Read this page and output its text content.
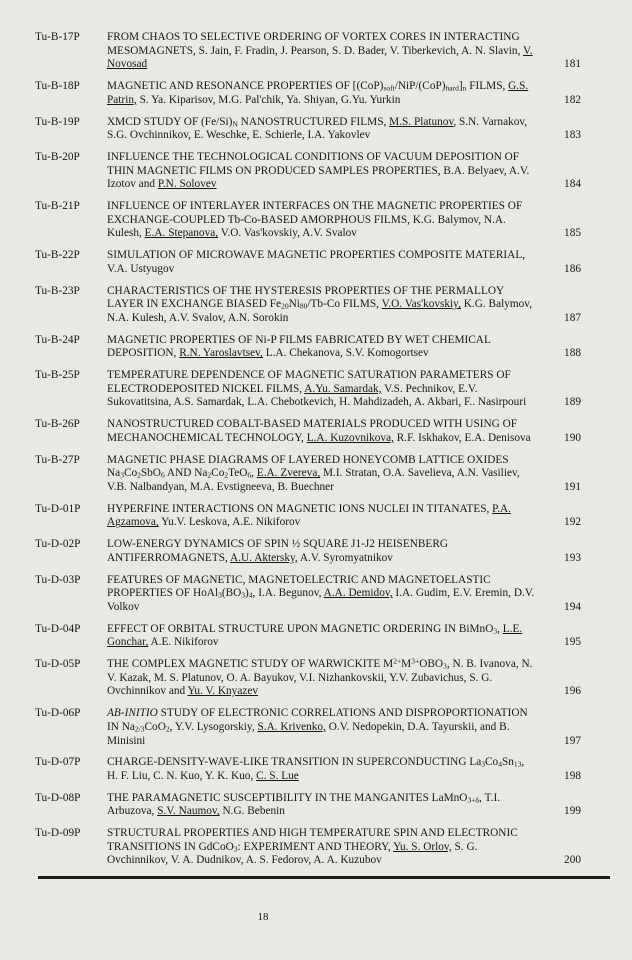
Tu-B-17P	FROM CHAOS TO SELECTIVE ORDERING OF VORTEX CORES IN INTERACTING MESOMAGNETS, S. Jain, F. Fradin, J. Pearson, S. D. Bader, V. Tiberkevich, A. N. Slavin, V. Novosad	181
Tu-B-18P	MAGNETIC AND RESONANCE PROPERTIES OF $[(CoP)_{soft}/NiP/(CoP)_{hard}]_n$ FILMS, G.S. Patrin, S. Ya. Kiparisov, M.G. Pal'chik, Ya. Shiyan, G.Yu. Yurkin	182
Tu-B-19P	XMCD STUDY OF $(Fe/Si)_N$ NANOSTRUCTURED FILMS, M.S. Platunov, S.N. Varnakov, S.G. Ovchinnikov, E. Weschke, E. Schierle, I.A. Yakovlev	183
Tu-B-20P	INFLUENCE THE TECHNOLOGICAL CONDITIONS OF VACUUM DEPOSITION OF THIN MAGNETIC FILMS ON PRODUCED SAMPLES PROPERTIES, B.A. Belyaev, A.V. Izotov and P.N. Solovev	184
Tu-B-21P	INFLUENCE OF INTERLAYER INTERFACES ON THE MAGNETIC PROPERTIES OF EXCHANGE-COUPLED Tb-Co-BASED AMORPHOUS FILMS, K.G. Balymov, N.A. Kulesh, E.A. Stepanova, V.O. Vas'kovskiy, A.V. Svalov	185
Tu-B-22P	SIMULATION OF MICROWAVE MAGNETIC PROPERTIES COMPOSITE MATERIAL, V.A. Ustyugov	186
Tu-B-23P	CHARACTERISTICS OF THE HYSTERESIS PROPERTIES OF THE PERMALLOY LAYER IN EXCHANGE BIASED $Fe_{20}Ni_{80}/Tb-Co$ FILMS, V.O. Vas'kovskiy, K.G. Balymov, N.A. Kulesh, A.V. Svalov, A.N. Sorokin	187
Tu-B-24P	MAGNETIC PROPERTIES OF Ni-P FILMS FABRICATED BY WET CHEMICAL DEPOSITION, R.N. Yaroslavtsev, L.A. Chekanova, S.V. Komogortsev	188
Tu-B-25P	TEMPERATURE DEPENDENCE OF MAGNETIC SATURATION PARAMETERS OF ELECTRODEPOSITED NICKEL FILMS, A.Yu. Samardak, V.S. Pechnikov, E.V. Sukovatitsina, A.S. Samardak, L.A. Chebotkevich, H. Mahdizadeh, A. Akbari, F.. Nasirpouri	189
Tu-B-26P	NANOSTRUCTURED COBALT-BASED MATERIALS PRODUCED WITH USING OF MECHANOCHEMICAL TECHNOLOGY, L.A. Kuzovnikova, R.F. Iskhakov, E.A. Denisova	190
Tu-B-27P	MAGNETIC PHASE DIAGRAMS OF LAYERED HONEYCOMB LATTICE OXIDES $Na_3Co_2SbO_6$ AND $Na_2Co_2TeO_6$, E.A. Zvereva, M.I. Stratan, O.A. Savelieva, A.N. Vasiliev, V.B. Nalbandyan, M.A. Evstigneeva, B. Buechner	191
Tu-D-01P	HYPERFINE INTERACTIONS ON MAGNETIC IONS NUCLEI IN TITANATES, P.A. Agzamova, Yu.V. Leskova, A.E. Nikiforov	192
Tu-D-02P	LOW-ENERGY DYNAMICS OF SPIN ½ SQUARE J1-J2 HEISENBERG ANTIFERROMAGNETS, A.U. Aktersky, A.V. Syromyatnikov	193
Tu-D-03P	FEATURES OF MAGNETIC, MAGNETOELECTRIC AND MAGNETOELASTIC PROPERTIES OF $HoAl_3(BO_3)_4$, I.A. Begunov, A.A. Demidov, I.A. Gudim, E.V. Eremin, D.V. Volkov	194
Tu-D-04P	EFFECT OF ORBITAL STRUCTURE UPON MAGNETIC ORDERING IN BiMnO$_3$, L.E. Gonchar, A.E. Nikiforov	195
Tu-D-05P	THE COMPLEX MAGNETIC STUDY OF WARWICKITE $M^{2+}M^{3+}OBO_3$, N. B. Ivanova, N. V. Kazak, M. S. Platunov, O. A. Bayukov, V.I. Nizhankovskii, Y.V. Zubavichus, S. G. Ovchinnikov and Yu. V. Knyazev	196
Tu-D-06P	AB-INITIO STUDY OF ELECTRONIC CORRELATIONS AND DISPROPORTIONATION IN $Na_{2/3}CoO_2$, Y.V. Lysogorskiy, S.A. Krivenko, O.V. Nedopekin, D.A. Tayurskii, and B. Minisini	197
Tu-D-07P	CHARGE-DENSITY-WAVE-LIKE TRANSITION IN SUPERCONDUCTING $La_3Co_4Sn_{13}$, H. F. Liu, C. N. Kuo, Y. K. Kuo, C. S. Lue	198
Tu-D-08P	THE PARAMAGNETIC SUSCEPTIBILITY IN THE MANGANITES LaMnO$_{3+\delta}$, T.I. Arbuzova, S.V. Naumov, N.G. Bebenin	199
Tu-D-09P	STRUCTURAL PROPERTIES AND HIGH TEMPERATURE SPIN AND ELECTRONIC TRANSITIONS IN GdCoO$_3$: EXPERIMENT AND THEORY, Yu. S. Orlov, S. G. Ovchinnikov, V. A. Dudnikov, A. S. Fedorov, A. A. Kuzubov	200
18
